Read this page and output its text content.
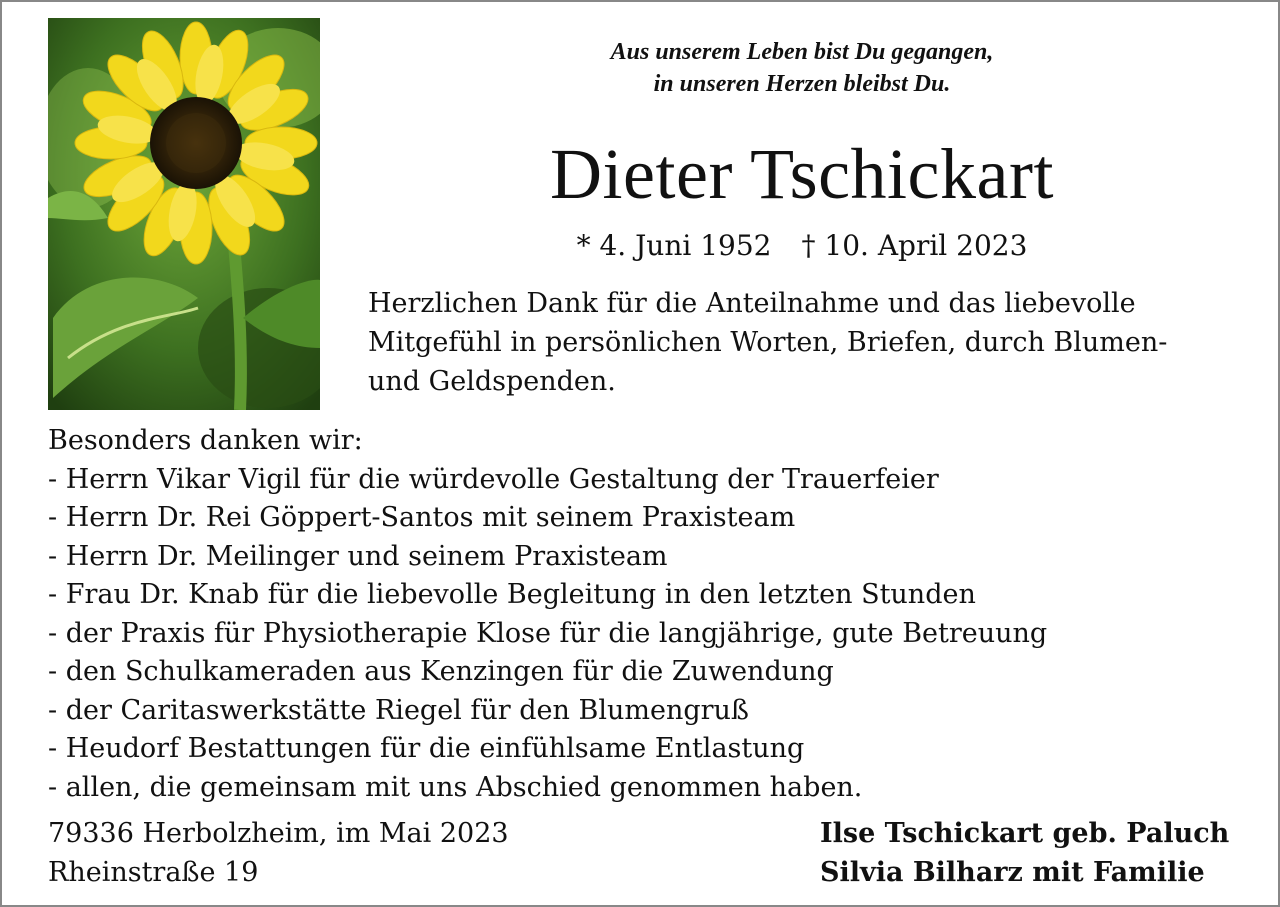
Aus unserem Leben bist Du gegangen,
in unseren Herzen bleibst Du.
Dieter Tschickart
* 4. Juni 1952 † 10. April 2023
Herzlichen Dank für die Anteilnahme und das liebevolle
Mitgefühl in persönlichen Worten, Briefen, durch Blumen-
und Geldspenden.
Besonders danken wir:
- Herrn Vikar Vigil für die würdevolle Gestaltung der Trauerfeier
- Herrn Dr. Rei Göppert-Santos mit seinem Praxisteam
- Herrn Dr. Meilinger und seinem Praxisteam
- Frau Dr. Knab für die liebevolle Begleitung in den letzten Stunden
- der Praxis für Physiotherapie Klose für die langjährige, gute Betreuung
- den Schulkameraden aus Kenzingen für die Zuwendung
- der Caritaswerkstätte Riegel für den Blumengruß
- Heudorf Bestattungen für die einfühlsame Entlastung
- allen, die gemeinsam mit uns Abschied genommen haben.
79336 Herbolzheim, im Mai 2023
Rheinstraße 19
Ilse Tschickart geb. Paluch
Silvia Bilharz mit Familie
